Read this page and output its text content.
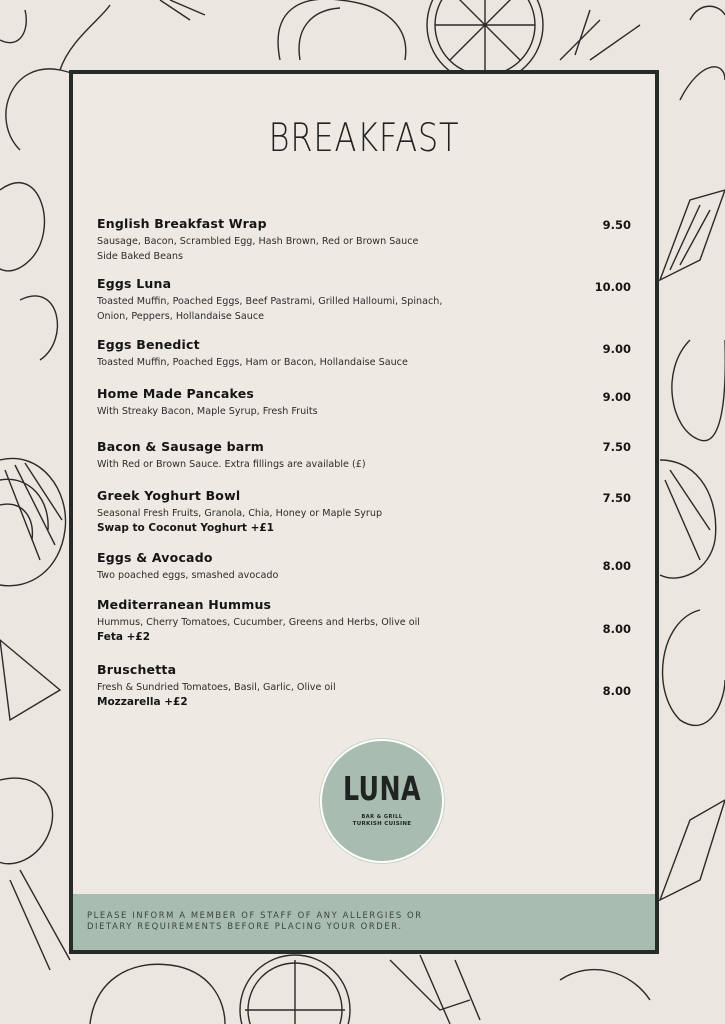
BREAKFAST
English Breakfast Wrap
Sausage, Bacon, Scrambled Egg, Hash Brown, Red or Brown Sauce
Side Baked Beans
9.50
Eggs Luna
Toasted Muffin, Poached Eggs, Beef Pastrami, Grilled Halloumi, Spinach,
Onion, Peppers, Hollandaise Sauce
10.00
Eggs Benedict
Toasted Muffin, Poached Eggs, Ham or Bacon, Hollandaise Sauce
9.00
Home Made Pancakes
With Streaky Bacon, Maple Syrup, Fresh Fruits
9.00
Bacon & Sausage barm
With Red or Brown Sauce. Extra fillings are available (£)
7.50
Greek Yoghurt Bowl
Seasonal Fresh Fruits, Granola, Chia, Honey or Maple Syrup
Swap to Coconut Yoghurt +£1
7.50
Eggs & Avocado
Two poached eggs, smashed avocado
8.00
Mediterranean Hummus
Hummus, Cherry Tomatoes, Cucumber, Greens and Herbs, Olive oil
Feta +£2
8.00
Bruschetta
Fresh & Sundried Tomatoes, Basil, Garlic, Olive oil
Mozzarella +£2
8.00
LUNA
BAR & GRILL
TURKISH CUISINE
PLEASE INFORM A MEMBER OF STAFF OF ANY ALLERGIES OR
DIETARY REQUIREMENTS BEFORE PLACING YOUR ORDER.
